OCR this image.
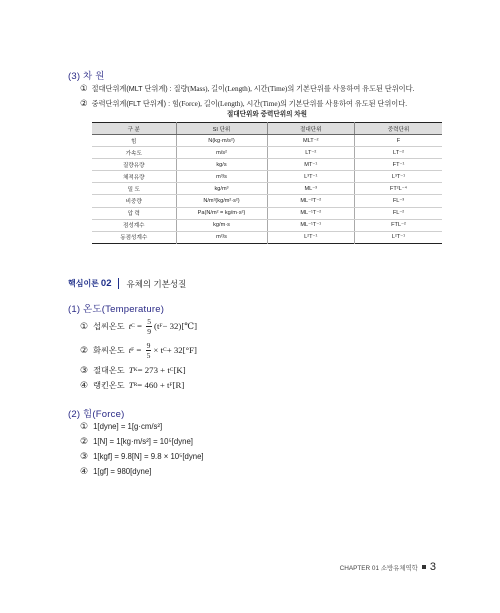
(3) 차 원
① 절대단위계(MLT 단위계) : 질량(Mass), 길이(Length), 시간(Time)의 기본단위를 사용하여 유도된 단위이다.
② 중력단위계(FLT 단위계) : 힘(Force), 길이(Length), 시간(Time)의 기본단위를 사용하여 유도된 단위이다.
절대단위와 중력단위의 차원
구 분	SI 단위	절대단위	중력단위
힘	N(kg·m/s²)	MLT⁻²	F
가속도	m/s²	LT⁻²	LT⁻²
질량유량	kg/s	MT⁻¹	FT⁻¹
체적유량	m³/s	L³T⁻¹	L³T⁻¹
밀 도	kg/m³	ML⁻³	FT²L⁻⁴
비중량	N/m³(kg/m²·s²)	ML⁻²T⁻²	FL⁻³
압 력	Pa(N/m² = kg/m·s²)	ML⁻¹T⁻²	FL⁻²
점성계수	kg/m·s	ML⁻¹T⁻¹	FTL⁻²
동점성계수	m²/s	L²T⁻¹	L²T⁻¹
핵심이론 02	유체의 기본성질
(1) 온도(Temperature)
① 섭씨온도 t $C = \frac{5}{9} (t$ F − 32)[℃]
② 화씨온도 t $F = \frac{9}{5} \times t$ C + 32[°F]
③ 절대온도 T K = 273 + t C [K]
④ 랭킨온도 T R = 460 + t F [R]
(2) 힘(Force)
① 1[dyne] = 1[g·cm/s²]
② 1[N] = 1[kg·m/s²] = 10⁵[dyne]
③ 1[kgf] = 9.8[N] = 9.8 × 10⁵[dyne]
④ 1[gf] = 980[dyne]
CHAPTER 01 소방유체역학 3
